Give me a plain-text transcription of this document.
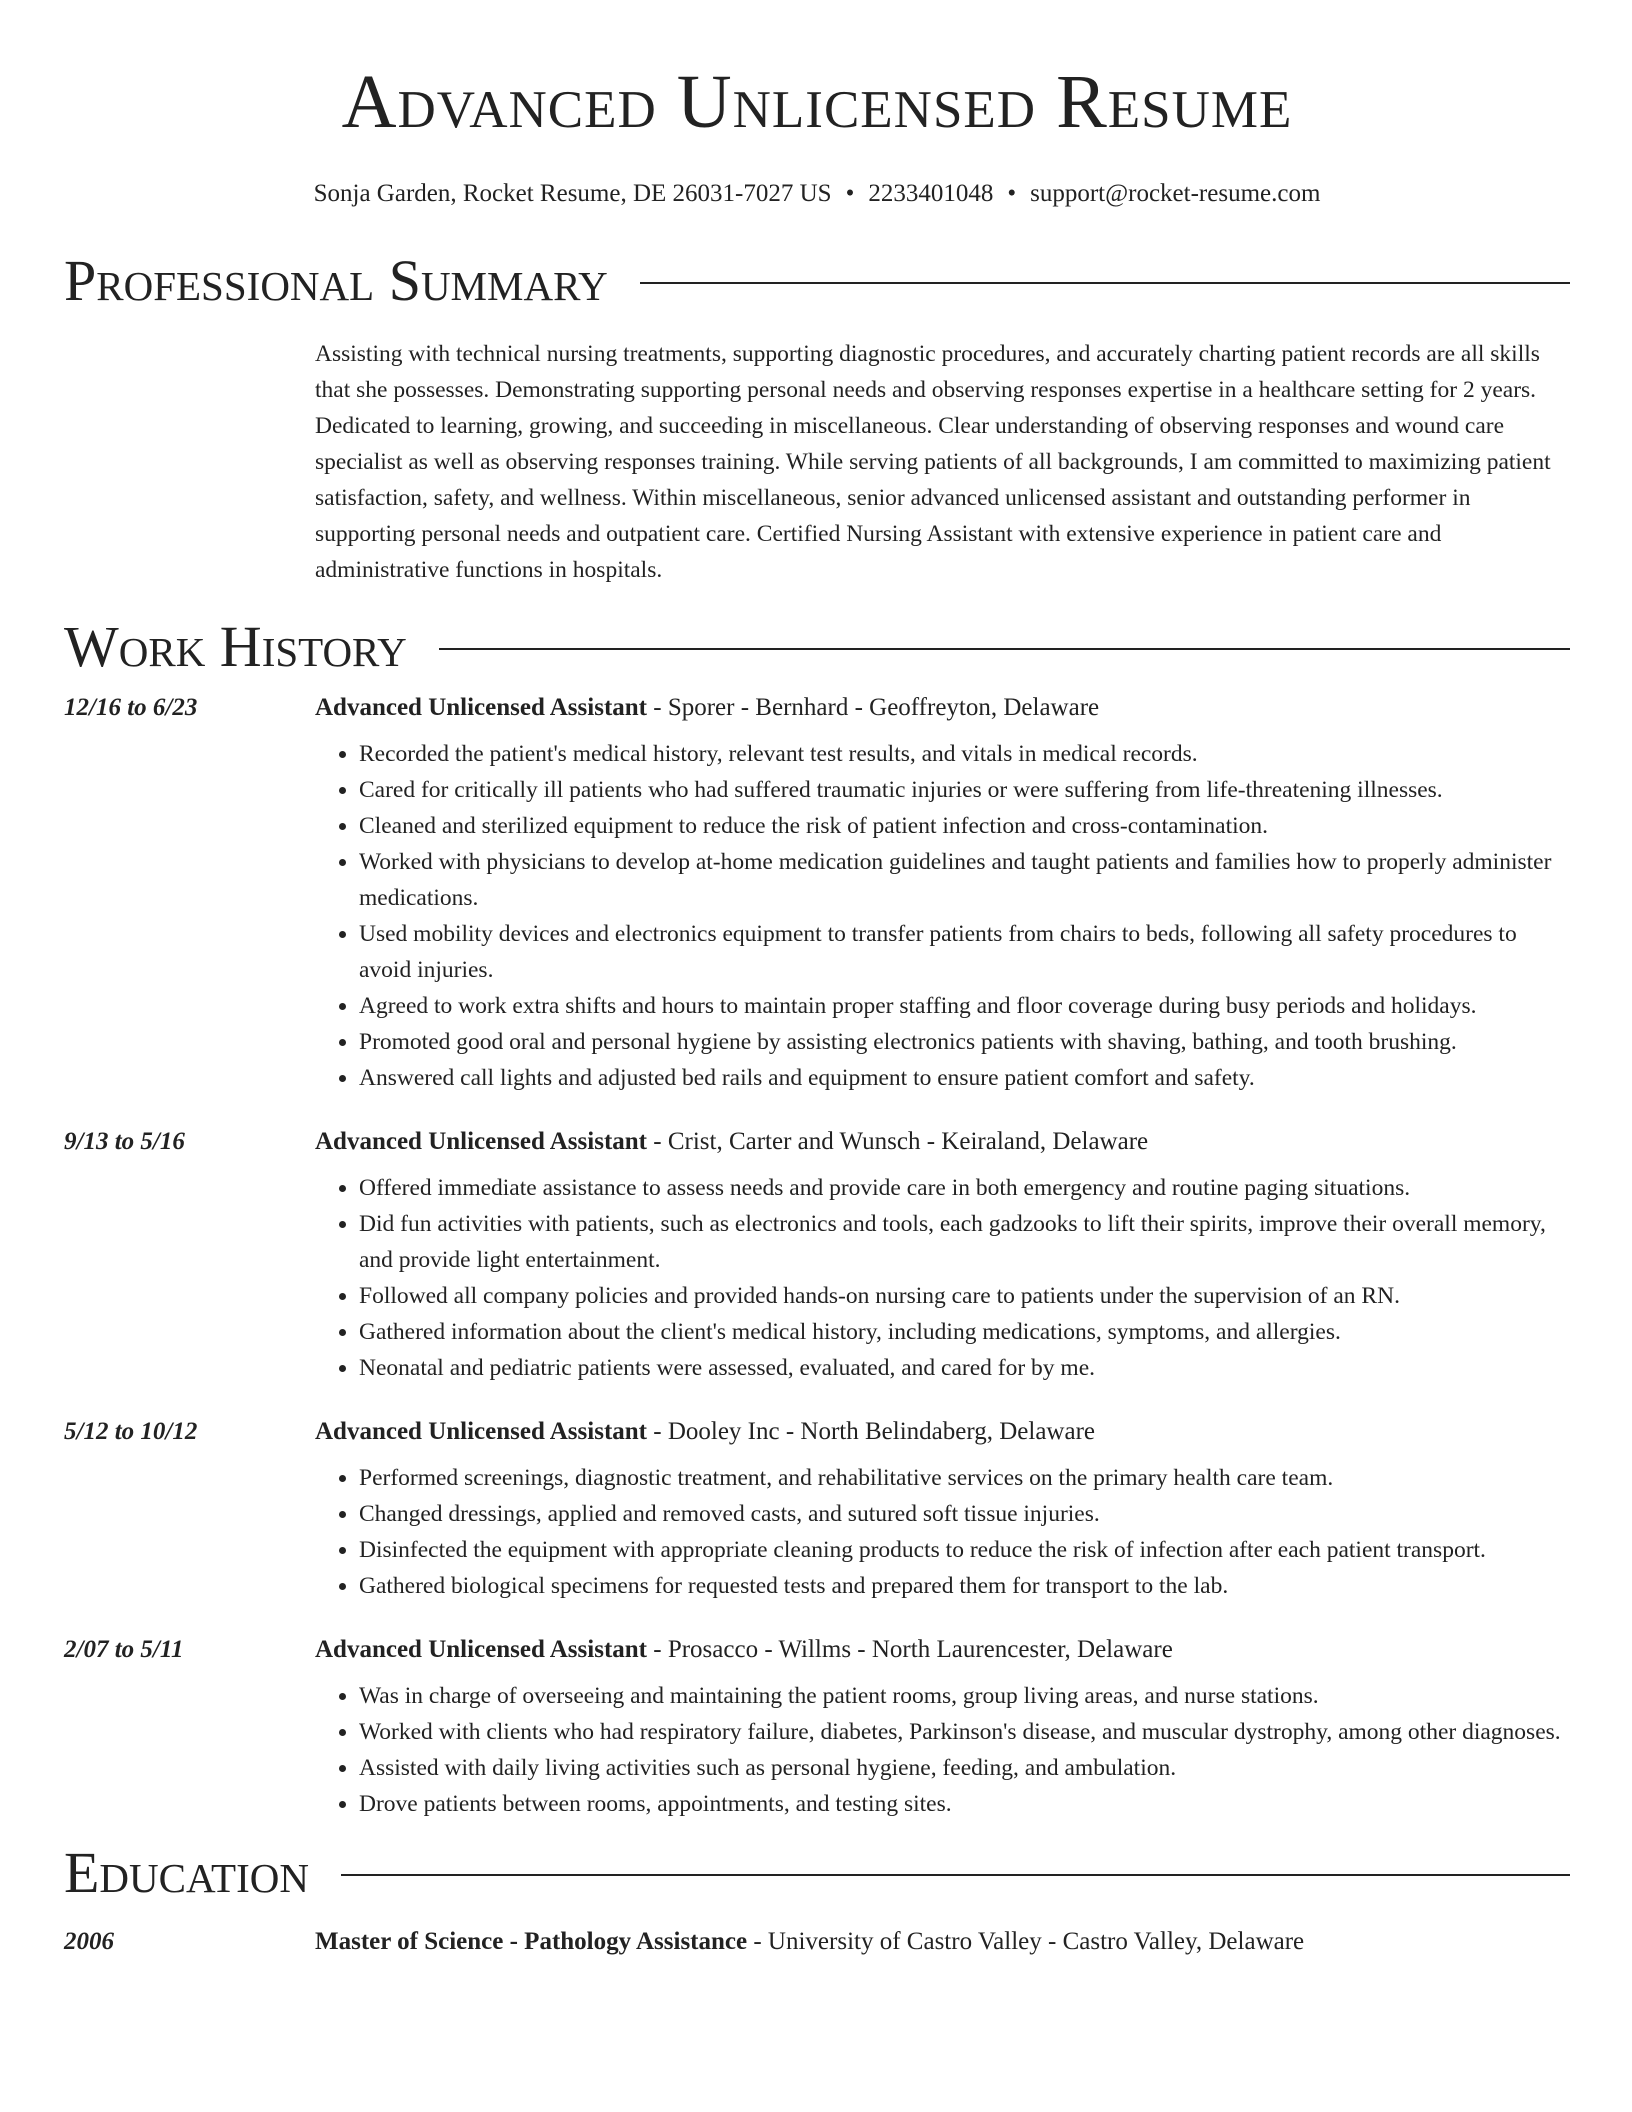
Advanced Unlicensed Resume
Sonja Garden, Rocket Resume, DE 26031-7027 US • 2233401048 • support@rocket-resume.com
Professional Summary
Assisting with technical nursing treatments, supporting diagnostic procedures, and accurately charting patient records are all skills that she possesses. Demonstrating supporting personal needs and observing responses expertise in a healthcare setting for 2 years. Dedicated to learning, growing, and succeeding in miscellaneous. Clear understanding of observing responses and wound care specialist as well as observing responses training. While serving patients of all backgrounds, I am committed to maximizing patient satisfaction, safety, and wellness. Within miscellaneous, senior advanced unlicensed assistant and outstanding performer in supporting personal needs and outpatient care. Certified Nursing Assistant with extensive experience in patient care and administrative functions in hospitals.
Work History
12/16 to 6/23	Advanced Unlicensed Assistant - Sporer - Bernhard - Geoffreyton, Delaware
• Recorded the patient's medical history, relevant test results, and vitals in medical records.
• Cared for critically ill patients who had suffered traumatic injuries or were suffering from life-threatening illnesses.
• Cleaned and sterilized equipment to reduce the risk of patient infection and cross-contamination.
• Worked with physicians to develop at-home medication guidelines and taught patients and families how to properly administer medications.
• Used mobility devices and electronics equipment to transfer patients from chairs to beds, following all safety procedures to avoid injuries.
• Agreed to work extra shifts and hours to maintain proper staffing and floor coverage during busy periods and holidays.
• Promoted good oral and personal hygiene by assisting electronics patients with shaving, bathing, and tooth brushing.
• Answered call lights and adjusted bed rails and equipment to ensure patient comfort and safety.
9/13 to 5/16	Advanced Unlicensed Assistant - Crist, Carter and Wunsch - Keiraland, Delaware
• Offered immediate assistance to assess needs and provide care in both emergency and routine paging situations.
• Did fun activities with patients, such as electronics and tools, each gadzooks to lift their spirits, improve their overall memory, and provide light entertainment.
• Followed all company policies and provided hands-on nursing care to patients under the supervision of an RN.
• Gathered information about the client's medical history, including medications, symptoms, and allergies.
• Neonatal and pediatric patients were assessed, evaluated, and cared for by me.
5/12 to 10/12	Advanced Unlicensed Assistant - Dooley Inc - North Belindaberg, Delaware
• Performed screenings, diagnostic treatment, and rehabilitative services on the primary health care team.
• Changed dressings, applied and removed casts, and sutured soft tissue injuries.
• Disinfected the equipment with appropriate cleaning products to reduce the risk of infection after each patient transport.
• Gathered biological specimens for requested tests and prepared them for transport to the lab.
2/07 to 5/11	Advanced Unlicensed Assistant - Prosacco - Willms - North Laurencester, Delaware
• Was in charge of overseeing and maintaining the patient rooms, group living areas, and nurse stations.
• Worked with clients who had respiratory failure, diabetes, Parkinson's disease, and muscular dystrophy, among other diagnoses.
• Assisted with daily living activities such as personal hygiene, feeding, and ambulation.
• Drove patients between rooms, appointments, and testing sites.
Education
2006	Master of Science - Pathology Assistance - University of Castro Valley - Castro Valley, Delaware
